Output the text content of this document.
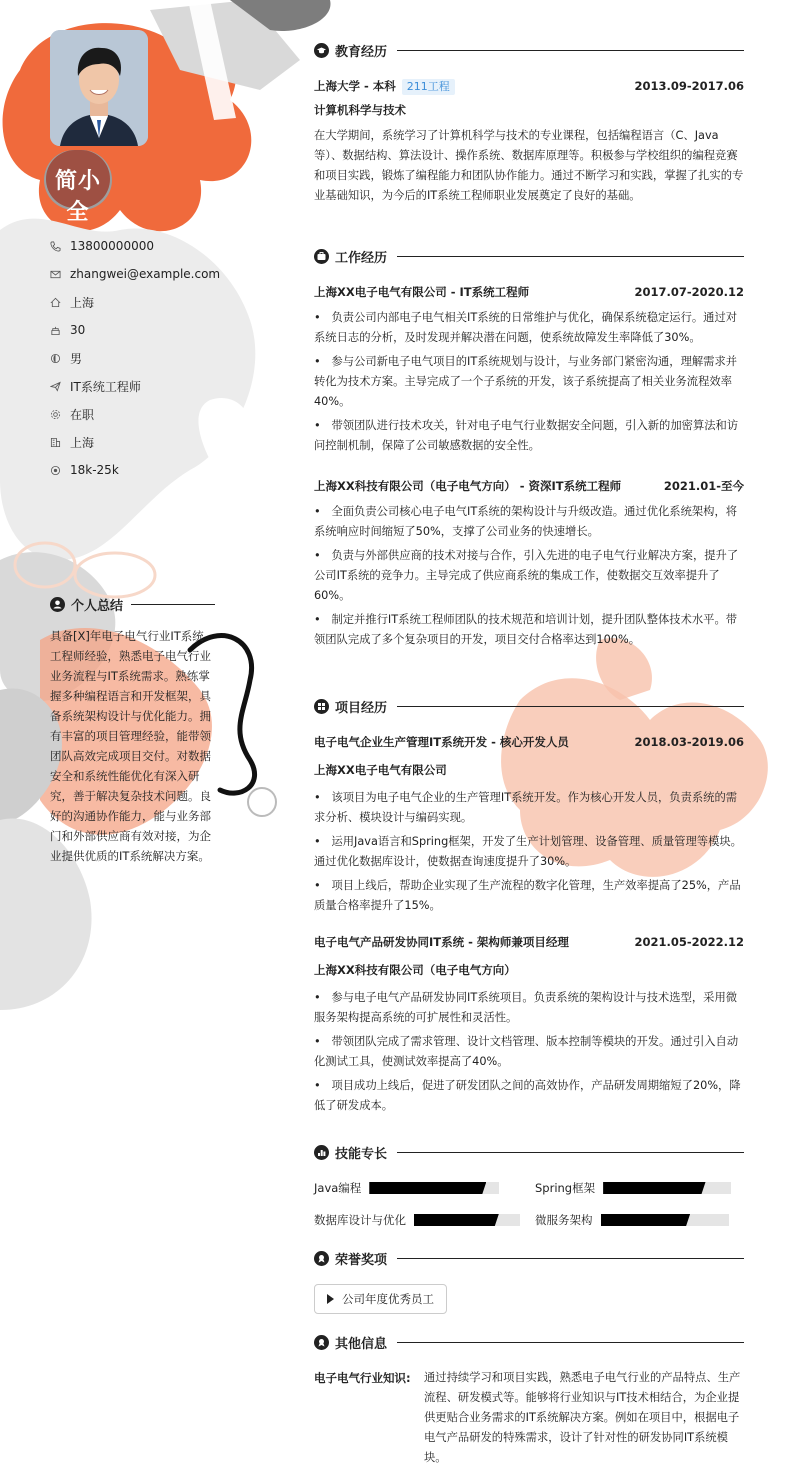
简小全
13800000000
zhangwei@example.com
上海
30
男
IT系统工程师
在职
上海
18k-25k
个人总结
具备[X]年电子电气行业IT系统工程师经验，熟悉电子电气行业业务流程与IT系统需求。熟练掌握多种编程语言和开发框架，具备系统架构设计与优化能力。拥有丰富的项目管理经验，能带领团队高效完成项目交付。对数据安全和系统性能优化有深入研究，善于解决复杂技术问题。良好的沟通协作能力，能与业务部门和外部供应商有效对接，为企业提供优质的IT系统解决方案。
教育经历
上海大学 - 本科 211工程	2013.09-2017.06
计算机科学与技术
在大学期间，系统学习了计算机科学与技术的专业课程，包括编程语言（C、Java等）、数据结构、算法设计、操作系统、数据库原理等。积极参与学校组织的编程竞赛和项目实践，锻炼了编程能力和团队协作能力。通过不断学习和实践，掌握了扎实的专业基础知识，为今后的IT系统工程师职业发展奠定了良好的基础。
工作经历
上海XX电子电气有限公司 - IT系统工程师	2017.07-2020.12
•   负责公司内部电子电气相关IT系统的日常维护与优化，确保系统稳定运行。通过对系统日志的分析，及时发现并解决潜在问题，使系统故障发生率降低了30%。
•   参与公司新电子电气项目的IT系统规划与设计，与业务部门紧密沟通，理解需求并转化为技术方案。主导完成了一个子系统的开发，该子系统提高了相关业务流程效率40%。
•   带领团队进行技术攻关，针对电子电气行业数据安全问题，引入新的加密算法和访问控制机制，保障了公司敏感数据的安全性。
上海XX科技有限公司（电子电气方向） - 资深IT系统工程师	2021.01-至今
•   全面负责公司核心电子电气IT系统的架构设计与升级改造。通过优化系统架构，将系统响应时间缩短了50%，支撑了公司业务的快速增长。
•   负责与外部供应商的技术对接与合作，引入先进的电子电气行业解决方案，提升了公司IT系统的竞争力。主导完成了供应商系统的集成工作，使数据交互效率提升了60%。
•   制定并推行IT系统工程师团队的技术规范和培训计划，提升团队整体技术水平。带领团队完成了多个复杂项目的开发，项目交付合格率达到100%。
项目经历
电子电气企业生产管理IT系统开发 - 核心开发人员	2018.03-2019.06
上海XX电子电气有限公司
•   该项目为电子电气企业的生产管理IT系统开发。作为核心开发人员，负责系统的需求分析、模块设计与编码实现。
•   运用Java语言和Spring框架，开发了生产计划管理、设备管理、质量管理等模块。通过优化数据库设计，使数据查询速度提升了30%。
•   项目上线后，帮助企业实现了生产流程的数字化管理，生产效率提高了25%，产品质量合格率提升了15%。
电子电气产品研发协同IT系统 - 架构师兼项目经理	2021.05-2022.12
上海XX科技有限公司（电子电气方向）
•   参与电子电气产品研发协同IT系统项目。负责系统的架构设计与技术选型，采用微服务架构提高系统的可扩展性和灵活性。
•   带领团队完成了需求管理、设计文档管理、版本控制等模块的开发。通过引入自动化测试工具，使测试效率提高了40%。
•   项目成功上线后，促进了研发团队之间的高效协作，产品研发周期缩短了20%，降低了研发成本。
技能专长
Java编程	Spring框架
数据库设计与优化	微服务架构
荣誉奖项
公司年度优秀员工
其他信息
电子电气行业知识:	通过持续学习和项目实践，熟悉电子电气行业的产品特点、生产流程、研发模式等。能够将行业知识与IT技术相结合，为企业提供更贴合业务需求的IT系统解决方案。例如在项目中，根据电子电气产品研发的特殊需求，设计了针对性的研发协同IT系统模块。
